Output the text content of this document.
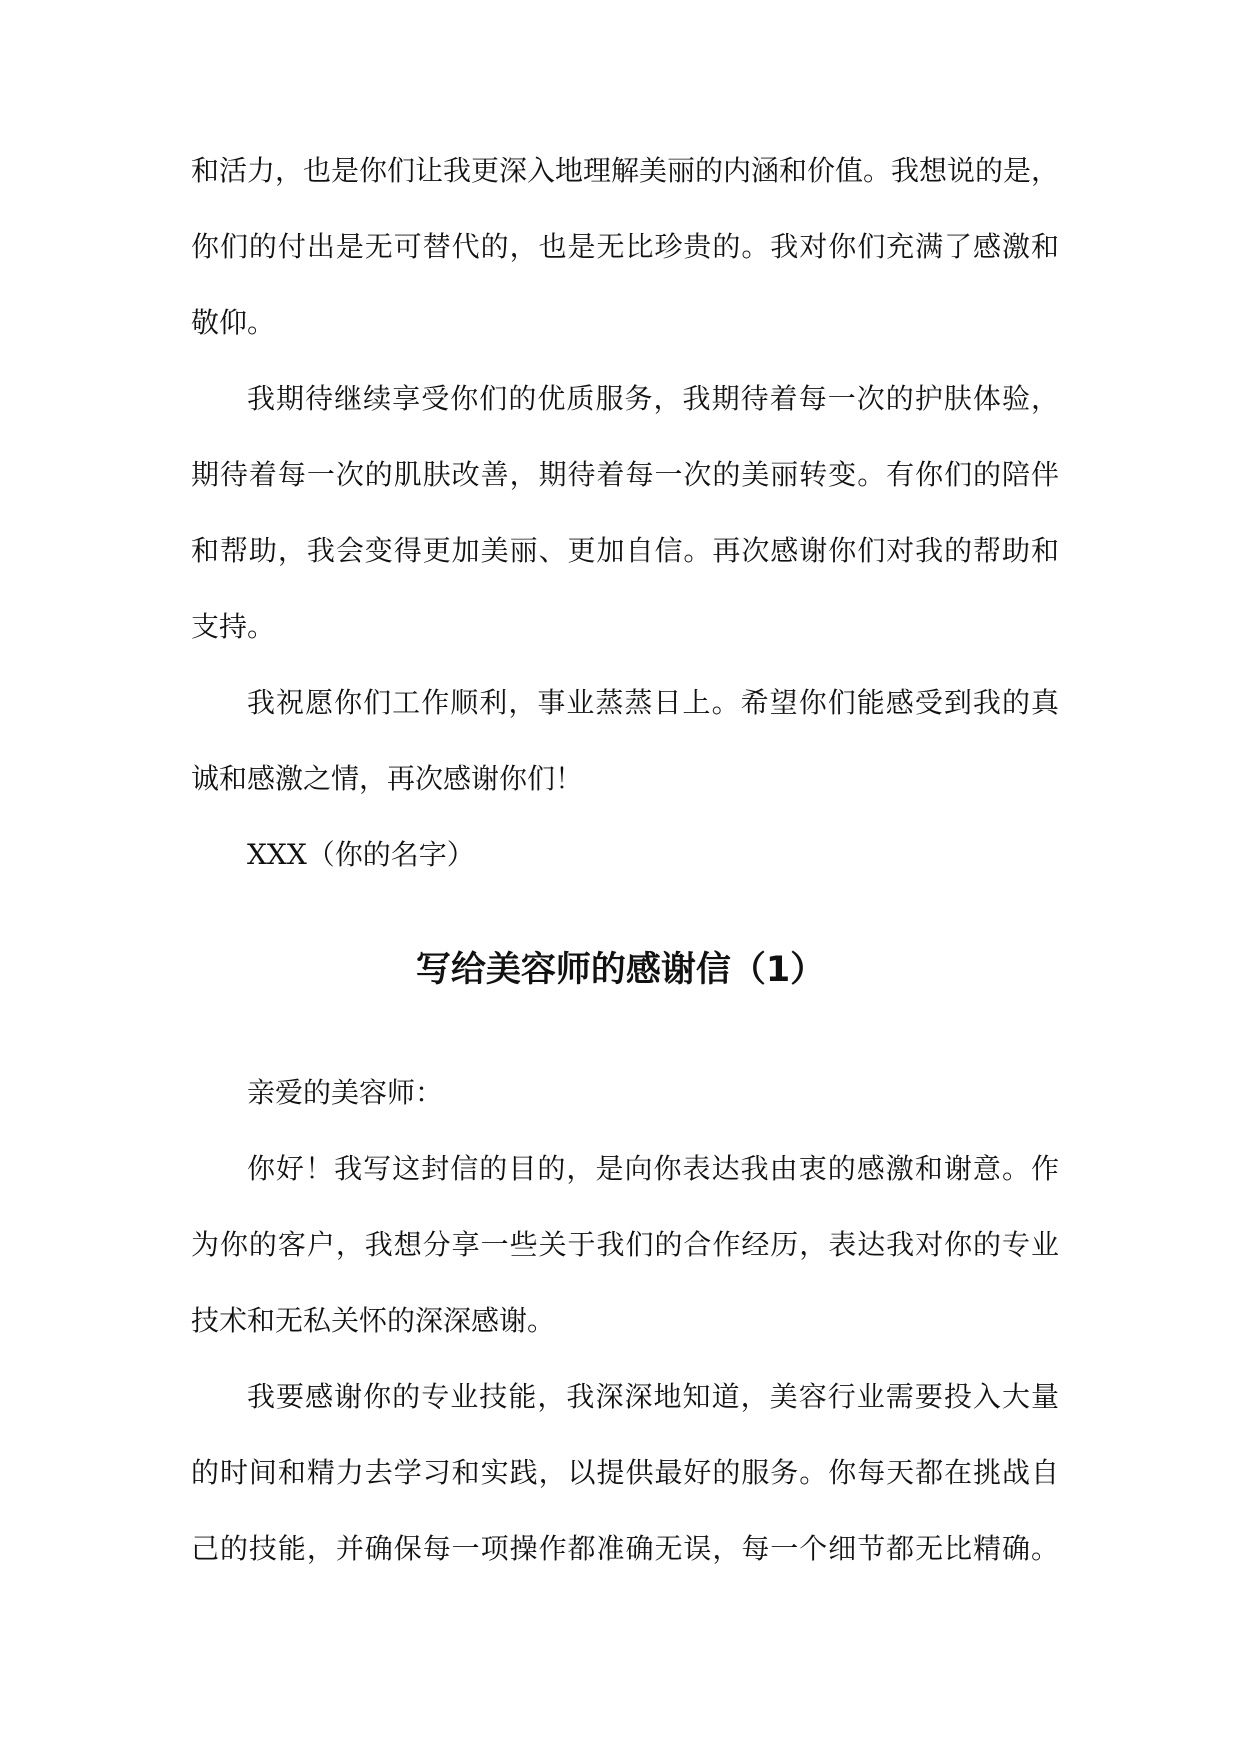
和活力，也是你们让我更深入地理解美丽的内涵和价值。我想说的是，
你们的付出是无可替代的，也是无比珍贵的。我对你们充满了感激和
敬仰。
我期待继续享受你们的优质服务，我期待着每一次的护肤体验，
期待着每一次的肌肤改善，期待着每一次的美丽转变。有你们的陪伴
和帮助，我会变得更加美丽、更加自信。再次感谢你们对我的帮助和
支持。
我祝愿你们工作顺利，事业蒸蒸日上。希望你们能感受到我的真
诚和感激之情，再次感谢你们！
XXX（你的名字）
写给美容师的感谢信（1）
亲爱的美容师：
你好！我写这封信的目的，是向你表达我由衷的感激和谢意。作
为你的客户，我想分享一些关于我们的合作经历，表达我对你的专业
技术和无私关怀的深深感谢。
我要感谢你的专业技能，我深深地知道，美容行业需要投入大量
的时间和精力去学习和实践，以提供最好的服务。你每天都在挑战自
己的技能，并确保每一项操作都准确无误，每一个细节都无比精确。
